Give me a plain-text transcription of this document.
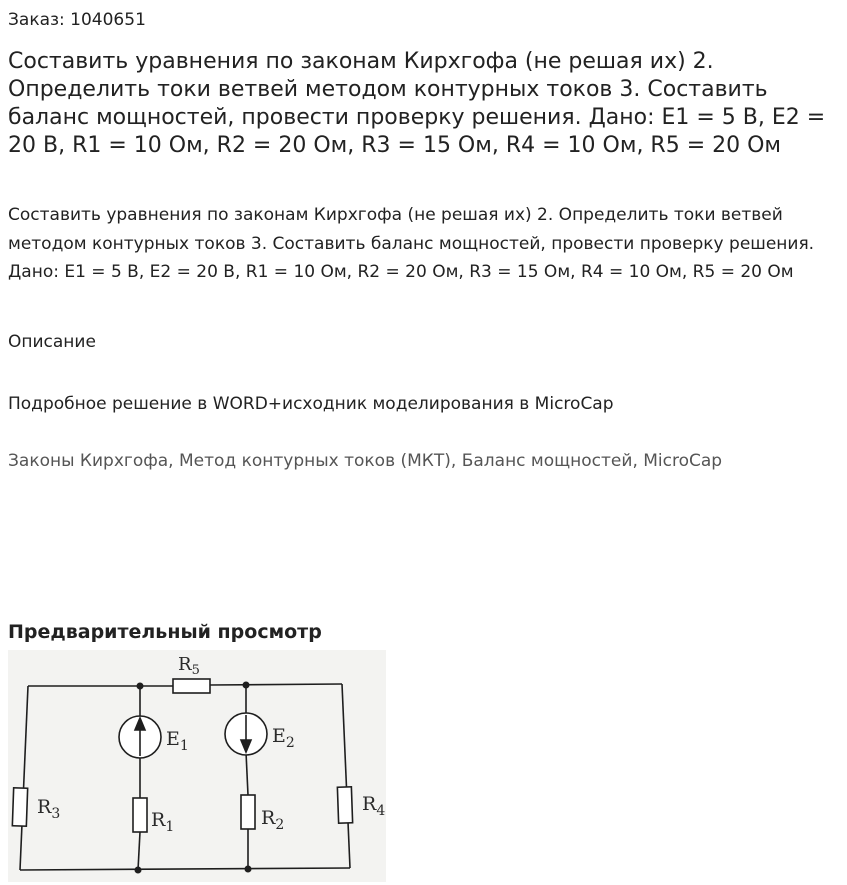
Заказ: 1040651
Составить уравнения по законам Кирхгофа (не решая их) 2. Определить токи ветвей методом контурных токов 3. Составить баланс мощностей, провести проверку решения. Дано: E1 = 5 В, E2 = 20 В, R1 = 10 Ом, R2 = 20 Ом, R3 = 15 Ом, R4 = 10 Ом, R5 = 20 Ом
Составить уравнения по законам Кирхгофа (не решая их) 2. Определить токи ветвей методом контурных токов 3. Составить баланс мощностей, провести проверку решения. Дано: E1 = 5 В, E2 = 20 В, R1 = 10 Ом, R2 = 20 Ом, R3 = 15 Ом, R4 = 10 Ом, R5 = 20 Ом
Описание
Подробное решение в WORD+исходник моделирования в MicroCap
Законы Кирхгофа, Метод контурных токов (МКТ), Баланс мощностей, MicroCap
Предварительный просмотр
$R_5$
$E_1$	$E_2$
$R_3$	$R_1$	$R_2$
$R_4$
